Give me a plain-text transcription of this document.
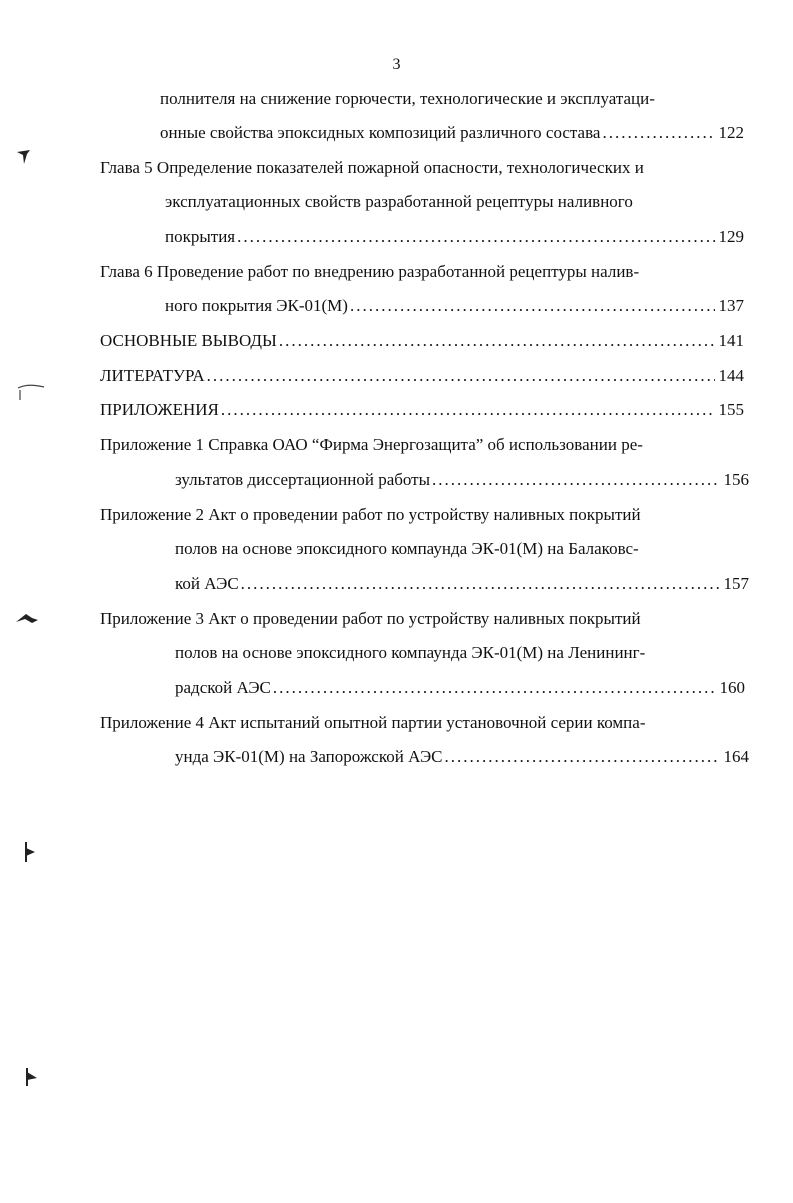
3
полнителя на снижение горючести, технологические и эксплуатаци-
онные свойства эпоксидных композиций различного состава .....	122
Глава 5 Определение показателей пожарной опасности, технологических и
эксплуатационных свойств разработанной рецептуры наливного
покрытия .....	129
Глава 6 Проведение работ по внедрению разработанной рецептуры налив-
ного покрытия ЭК-01(М) .....	137
ОСНОВНЫЕ ВЫВОДЫ .....	141
ЛИТЕРАТУРА .....	144
ПРИЛОЖЕНИЯ .....	155
Приложение 1 Справка ОАО “Фирма Энергозащита” об использовании ре-
зультатов диссертационной работы .....	156
Приложение 2 Акт о проведении работ по устройству наливных покрытий
полов на основе эпоксидного компаунда ЭК-01(М) на Балаковс-
кой АЭС .....	157
Приложение 3 Акт о проведении работ по устройству наливных покрытий
полов на основе эпоксидного компаунда ЭК-01(М) на Ленининг-
радской АЭС .....	160
Приложение 4 Акт испытаний опытной партии установочной серии компа-
унда ЭК-01(М) на Запорожской АЭС .....	164
